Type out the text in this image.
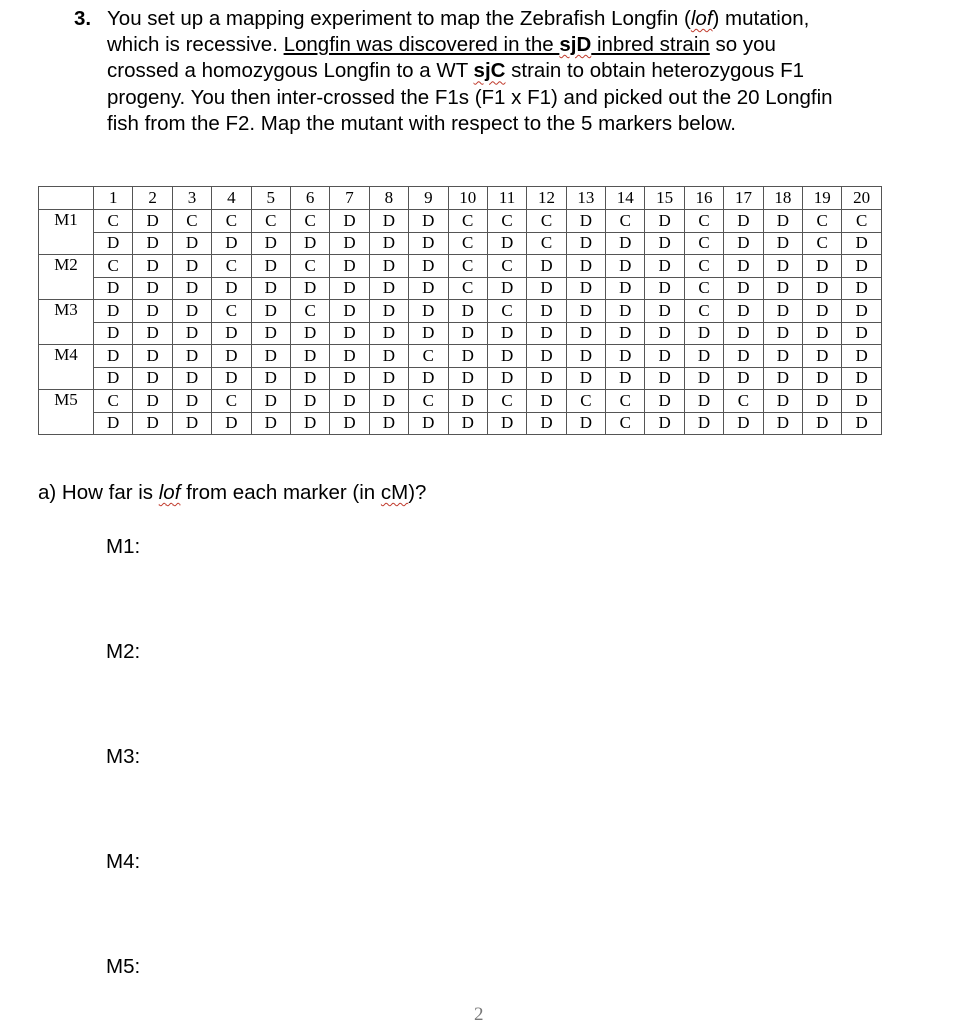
3. You set up a mapping experiment to map the Zebrafish Longfin (lof) mutation,
which is recessive. Longfin was discovered in the sjD inbred strain so you
crossed a homozygous Longfin to a WT sjC strain to obtain heterozygous F1
progeny. You then inter-crossed the F1s (F1 x F1) and picked out the 20 Longfin
fish from the F2. Map the mutant with respect to the 5 markers below.
	1	2	3	4	5	6	7	8	9	10	11	12	13	14	15	16	17	18	19	20
M1	C	D	C	C	C	C	D	D	D	C	C	C	D	C	D	C	D	D	C	C
	D	D	D	D	D	D	D	D	D	C	D	C	D	D	D	C	D	D	C	D
M2	C	D	D	C	D	C	D	D	D	C	C	D	D	D	D	C	D	D	D	D
	D	D	D	D	D	D	D	D	D	C	D	D	D	D	D	C	D	D	D	D
M3	D	D	D	C	D	C	D	D	D	D	C	D	D	D	D	C	D	D	D	D
	D	D	D	D	D	D	D	D	D	D	D	D	D	D	D	D	D	D	D	D
M4	D	D	D	D	D	D	D	D	C	D	D	D	D	D	D	D	D	D	D	D
	D	D	D	D	D	D	D	D	D	D	D	D	D	D	D	D	D	D	D	D
M5	C	D	D	C	D	D	D	D	C	D	C	D	C	C	D	D	C	D	D	D
	D	D	D	D	D	D	D	D	D	D	D	D	D	C	D	D	D	D	D	D
a) How far is lof from each marker (in cM)?
M1:
M2:
M3:
M4:
M5:
2
